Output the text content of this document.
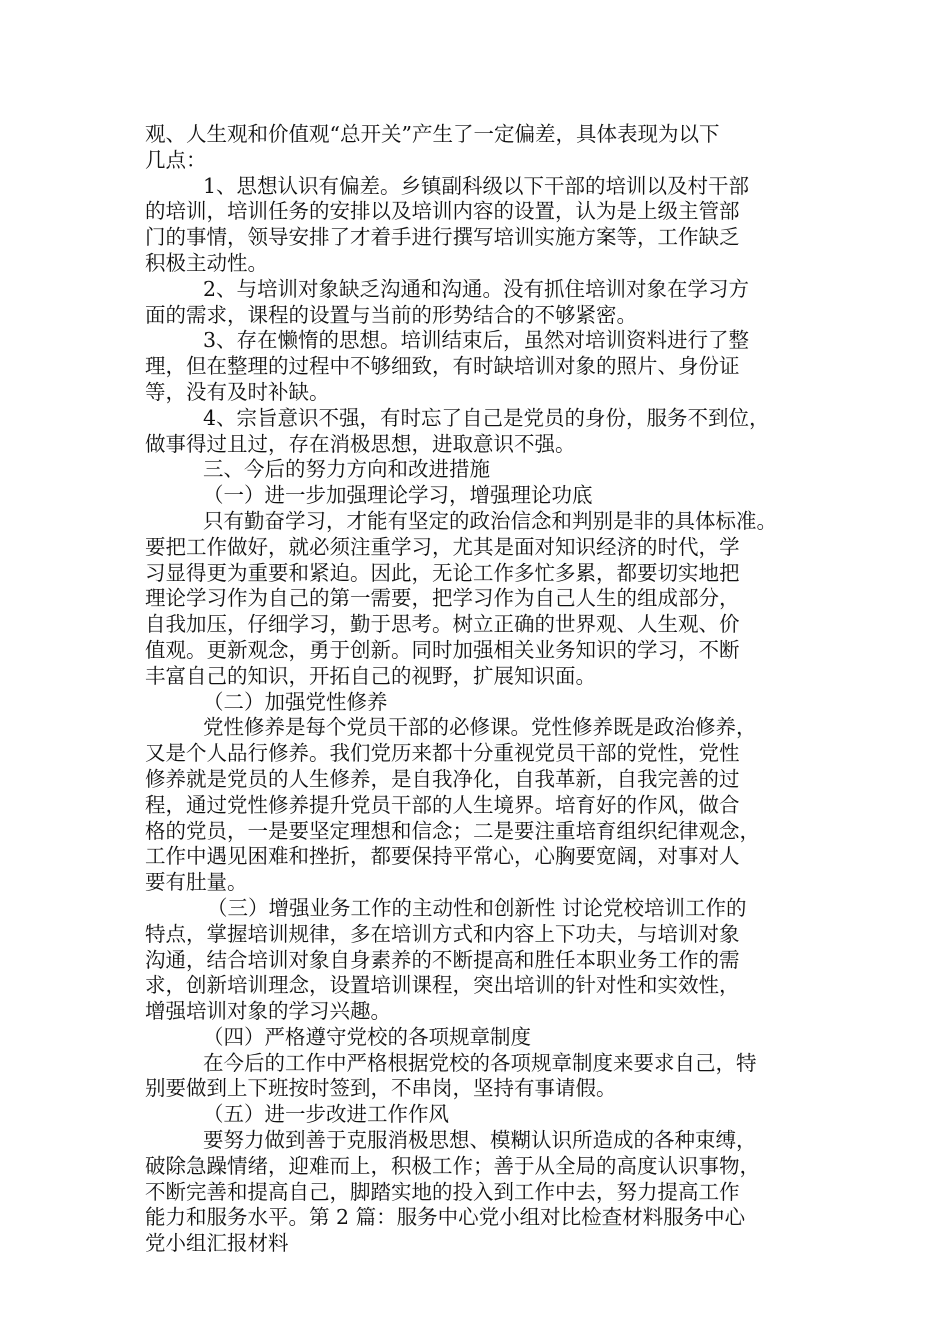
观、人生观和价值观“总开关”产生了一定偏差，具体表现为以下
几点：
1、思想认识有偏差。乡镇副科级以下干部的培训以及村干部
的培训，培训任务的安排以及培训内容的设置，认为是上级主管部
门的事情，领导安排了才着手进行撰写培训实施方案等，工作缺乏
积极主动性。
2、与培训对象缺乏沟通和沟通。没有抓住培训对象在学习方
面的需求，课程的设置与当前的形势结合的不够紧密。
3、存在懒惰的思想。培训结束后，虽然对培训资料进行了整
理，但在整理的过程中不够细致，有时缺培训对象的照片、身份证
等，没有及时补缺。
4、宗旨意识不强，有时忘了自己是党员的身份，服务不到位，
做事得过且过，存在消极思想，进取意识不强。
三、今后的努力方向和改进措施
（一）进一步加强理论学习，增强理论功底
只有勤奋学习，才能有坚定的政治信念和判别是非的具体标准。
要把工作做好，就必须注重学习，尤其是面对知识经济的时代，学
习显得更为重要和紧迫。因此，无论工作多忙多累，都要切实地把
理论学习作为自己的第一需要，把学习作为自己人生的组成部分，
自我加压，仔细学习，勤于思考。树立正确的世界观、人生观、价
值观。更新观念，勇于创新。同时加强相关业务知识的学习，不断
丰富自己的知识，开拓自己的视野，扩展知识面。
（二）加强党性修养
党性修养是每个党员干部的必修课。党性修养既是政治修养，
又是个人品行修养。我们党历来都十分重视党员干部的党性，党性
修养就是党员的人生修养，是自我净化，自我革新，自我完善的过
程，通过党性修养提升党员干部的人生境界。培育好的作风，做合
格的党员，一是要坚定理想和信念；二是要注重培育组织纪律观念，
工作中遇见困难和挫折，都要保持平常心，心胸要宽阔，对事对人
要有肚量。
（三）增强业务工作的主动性和创新性 讨论党校培训工作的
特点，掌握培训规律，多在培训方式和内容上下功夫，与培训对象
沟通，结合培训对象自身素养的不断提高和胜任本职业务工作的需
求，创新培训理念，设置培训课程，突出培训的针对性和实效性，
增强培训对象的学习兴趣。
（四）严格遵守党校的各项规章制度
在今后的工作中严格根据党校的各项规章制度来要求自己，特
别要做到上下班按时签到，不串岗，坚持有事请假。
（五）进一步改进工作作风
要努力做到善于克服消极思想、模糊认识所造成的各种束缚，
破除急躁情绪，迎难而上，积极工作；善于从全局的高度认识事物，
不断完善和提高自己，脚踏实地的投入到工作中去，努力提高工作
能力和服务水平。第 2 篇：服务中心党小组对比检查材料服务中心
党小组汇报材料
